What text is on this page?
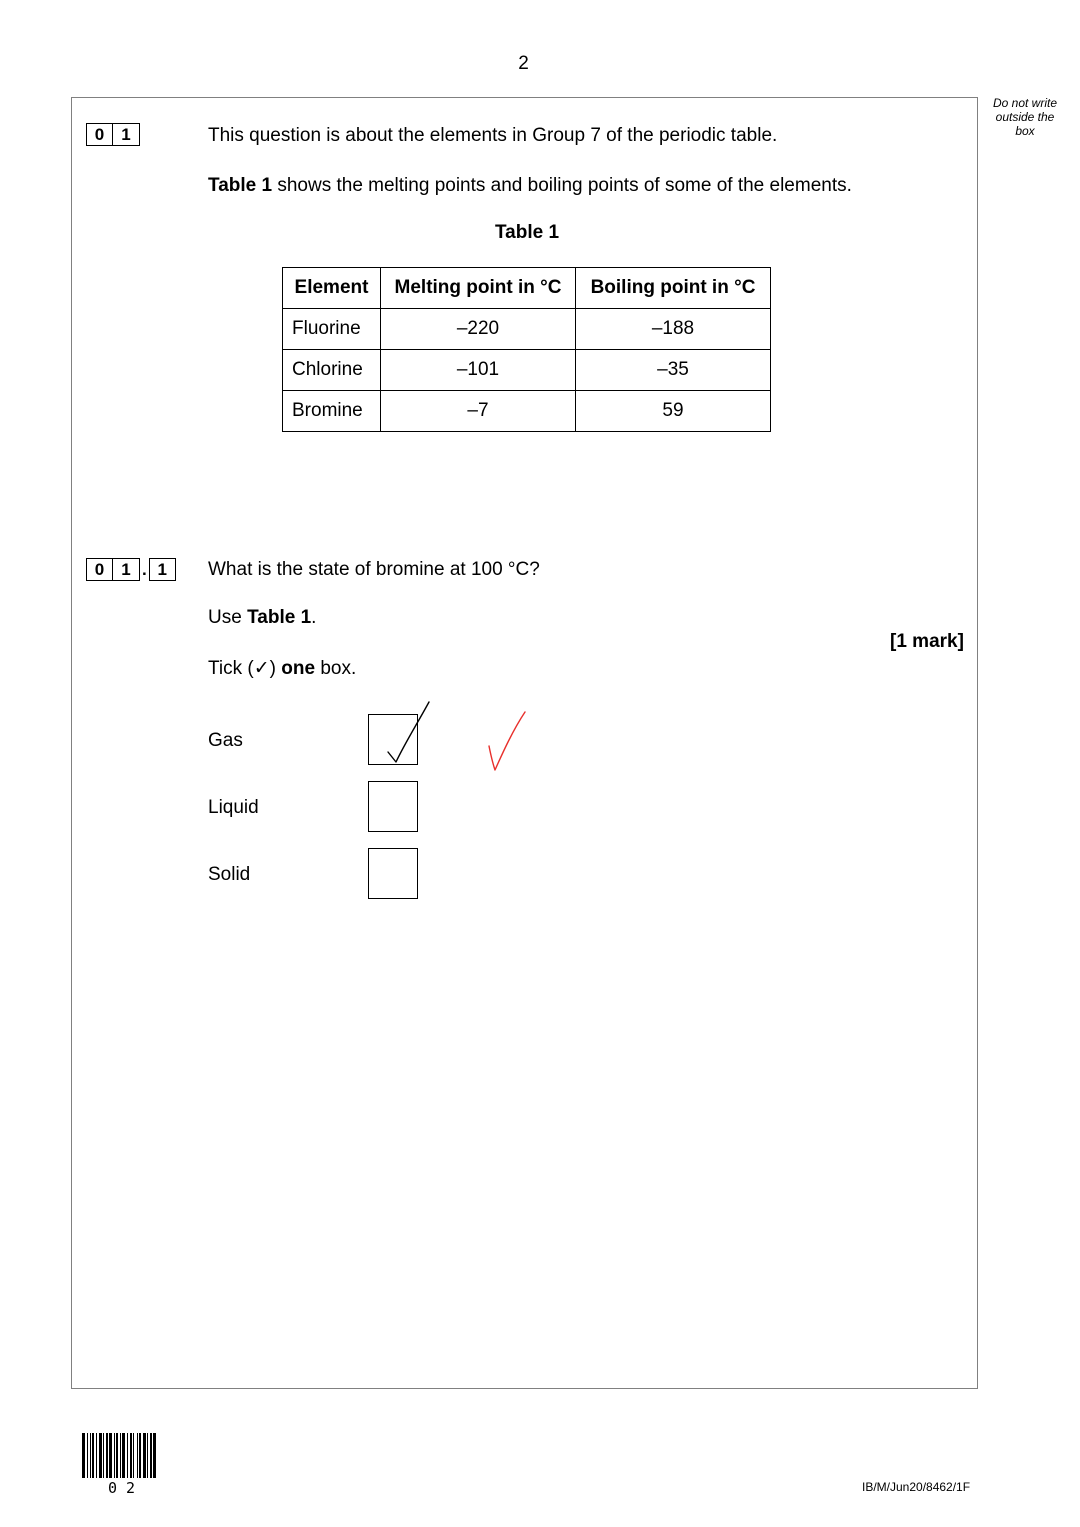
2
Do not write outside the box
0	1	This question is about the elements in Group 7 of the periodic table.
Table 1 shows the melting points and boiling points of some of the elements.
Table 1
Element	Melting point in °C	Boiling point in °C
Fluorine	–220	–188
Chlorine	–101	–35
Bromine	–7	59
0	1 . 1	What is the state of bromine at 100 °C?
Use Table 1.
[1 mark]
Tick (✓) one box.
Gas
Liquid
Solid
0 2	IB/M/Jun20/8462/1F
